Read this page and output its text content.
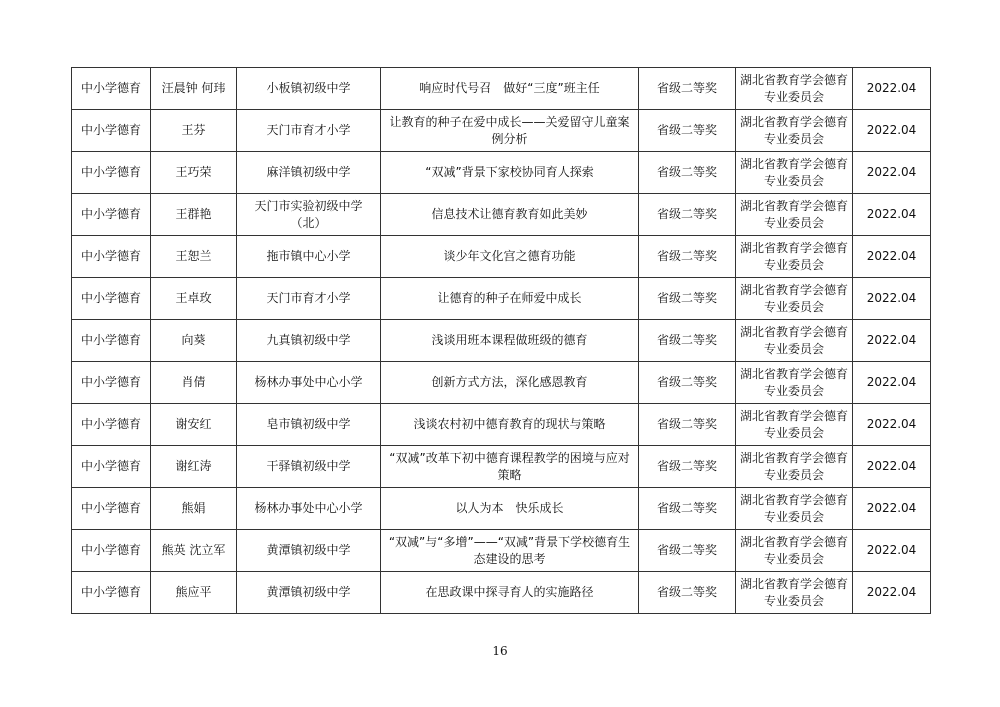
中小学德育	汪晨钟 何玮	小板镇初级中学	响应时代号召　做好“三度”班主任	省级二等奖	湖北省教育学会德育专业委员会	2022.04
中小学德育	王芬	天门市育才小学	让教育的种子在爱中成长——关爱留守儿童案例分析	省级二等奖	湖北省教育学会德育专业委员会	2022.04
中小学德育	王巧荣	麻洋镇初级中学	“双减”背景下家校协同育人探索	省级二等奖	湖北省教育学会德育专业委员会	2022.04
中小学德育	王群艳	天门市实验初级中学（北）	信息技术让德育教育如此美妙	省级二等奖	湖北省教育学会德育专业委员会	2022.04
中小学德育	王恕兰	拖市镇中心小学	谈少年文化宫之德育功能	省级二等奖	湖北省教育学会德育专业委员会	2022.04
中小学德育	王卓玫	天门市育才小学	让德育的种子在师爱中成长	省级二等奖	湖北省教育学会德育专业委员会	2022.04
中小学德育	向葵	九真镇初级中学	浅谈用班本课程做班级的德育	省级二等奖	湖北省教育学会德育专业委员会	2022.04
中小学德育	肖倩	杨林办事处中心小学	创新方式方法，深化感恩教育	省级二等奖	湖北省教育学会德育专业委员会	2022.04
中小学德育	谢安红	皂市镇初级中学	浅谈农村初中德育教育的现状与策略	省级二等奖	湖北省教育学会德育专业委员会	2022.04
中小学德育	谢红涛	干驿镇初级中学	“双减”改革下初中德育课程教学的困境与应对策略	省级二等奖	湖北省教育学会德育专业委员会	2022.04
中小学德育	熊娟	杨林办事处中心小学	以人为本　快乐成长	省级二等奖	湖北省教育学会德育专业委员会	2022.04
中小学德育	熊英 沈立军	黄潭镇初级中学	“双减”与“多增”——“双减”背景下学校德育生态建设的思考	省级二等奖	湖北省教育学会德育专业委员会	2022.04
中小学德育	熊应平	黄潭镇初级中学	在思政课中探寻育人的实施路径	省级二等奖	湖北省教育学会德育专业委员会	2022.04
16
